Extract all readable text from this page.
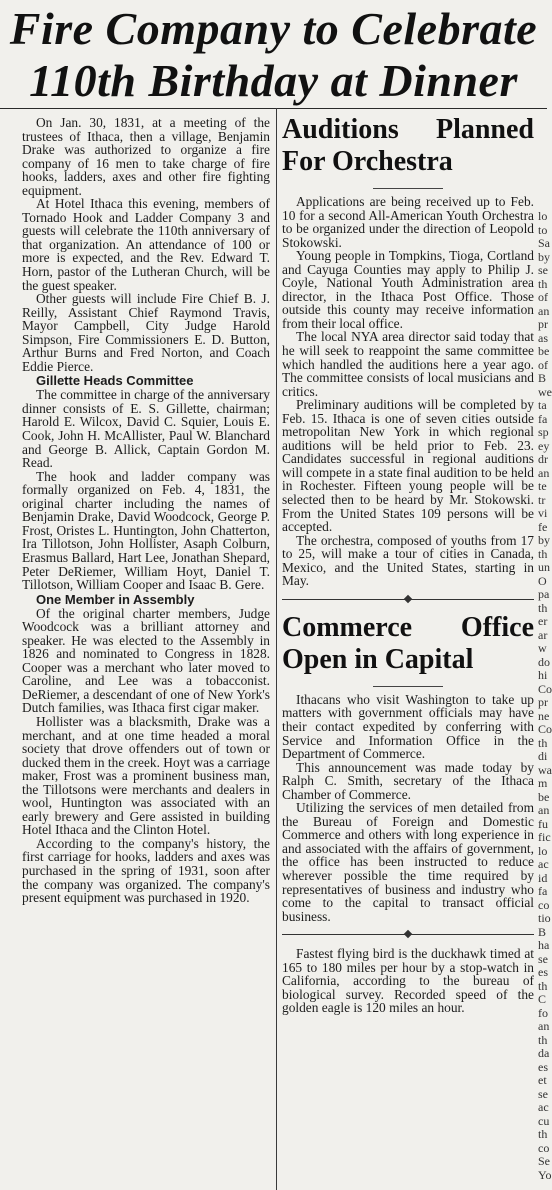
Fire Company to Celebrate
110th Birthday at Dinner

On Jan. 30, 1831, at a meeting of the trustees of Ithaca, then a village, Benjamin Drake was authorized to organize a fire company of 16 men to take charge of fire hooks, ladders, axes and other fire fighting equipment.

At Hotel Ithaca this evening, members of Tornado Hook and Ladder Company 3 and guests will celebrate the 110th anniversary of that organization. An attendance of 100 or more is expected, and the Rev. Edward T. Horn, pastor of the Lutheran Church, will be the guest speaker.

Other guests will include Fire Chief B. J. Reilly, Assistant Chief Raymond Travis, Mayor Campbell, City Judge Harold Simpson, Fire Commissioners E. D. Button, Arthur Burns and Fred Norton, and Coach Eddie Pierce.

Gillette Heads Committee

The committee in charge of the anniversary dinner consists of E. S. Gillette, chairman; Harold E. Wilcox, David C. Squier, Louis E. Cook, John H. McAllister, Paul W. Blanchard and George B. Allick, Captain Gordon M. Read.

The hook and ladder company was formally organized on Feb. 4, 1831, the original charter including the names of Benjamin Drake, David Woodcock, George P. Frost, Oristes L. Huntington, John Chatterton, Ira Tillotson, John Hollister, Asaph Colburn, Erasmus Ballard, Hart Lee, Jonathan Shepard, Peter DeRiemer, William Hoyt, Daniel T. Tillotson, William Cooper and Isaac B. Gere.

One Member in Assembly

Of the original charter members, Judge Woodcock was a brilliant attorney and speaker. He was elected to the Assembly in 1826 and nominated to Congress in 1828. Cooper was a merchant who later moved to Caroline, and Lee was a tobacconist. DeRiemer, a descendant of one of New York's Dutch families, was Ithaca first cigar maker.

Hollister was a blacksmith, Drake was a merchant, and at one time headed a moral society that drove offenders out of town or ducked them in the creek. Hoyt was a carriage maker, Frost was a prominent business man, the Tillotsons were merchants and dealers in wool, Huntington was associated with an early brewery and Gere assisted in building Hotel Ithaca and the Clinton Hotel.

According to the company's history, the first carriage for hooks, ladders and axes was purchased in the spring of 1931, soon after the company was organized. The company's present equipment was purchased in 1920.

Auditions Planned For Orchestra

Applications are being received up to Feb. 10 for a second All-American Youth Orchestra to be organized under the direction of Leopold Stokowski.

Young people in Tompkins, Tioga, Cortland and Cayuga Counties may apply to Philip J. Coyle, National Youth Administration area director, in the Ithaca Post Office. Those outside this county may receive information from their local office.

The local NYA area director said today that he will seek to reappoint the same committee which handled the auditions here a year ago. The committee consists of local musicians and critics.

Preliminary auditions will be completed by Feb. 15. Ithaca is one of seven cities outside metropolitan New York in which regional auditions will be held prior to Feb. 23. Candidates successful in regional auditions will compete in a state final audition to be held in Rochester. Fifteen young people will be selected then to be heard by Mr. Stokowski. From the United States 109 persons will be accepted.

The orchestra, composed of youths from 17 to 25, will make a tour of cities in Canada, Mexico, and the United States, starting in May.

Commerce Office Open in Capital

Ithacans who visit Washington to take up matters with government officials may have their contact expedited by conferring with Service and Information Office in the Department of Commerce.

This announcement was made today by Ralph C. Smith, secretary of the Ithaca Chamber of Commerce.

Utilizing the services of men detailed from the Bureau of Foreign and Domestic Commerce and others with long experience in and associated with the affairs of government, the office has been instructed to reduce wherever possible the time required by representatives of business and industry who come to the capital to transact official business.

Fastest flying bird is the duckhawk timed at 165 to 180 miles per hour by a stop-watch in California, according to the bureau of biological survey. Recorded speed of the golden eagle is 120 miles an hour.

lo
to
Sa
by
se
th
of
an
pr
as
be
of
B
we
ta
fa
sp
ey
dr
an
te
tr
vi
fe
by
th
un
O
pa
th
er
ar
w
do
hi
Co
pr
ne
Co
th
di
wa
m
be
an
fu
fic
lo
ac
id
fa
co
tio
B
ha
se
es
th
C
fo
an
th
da
es
et
se
ac
cu
th
co
Se
Yo
